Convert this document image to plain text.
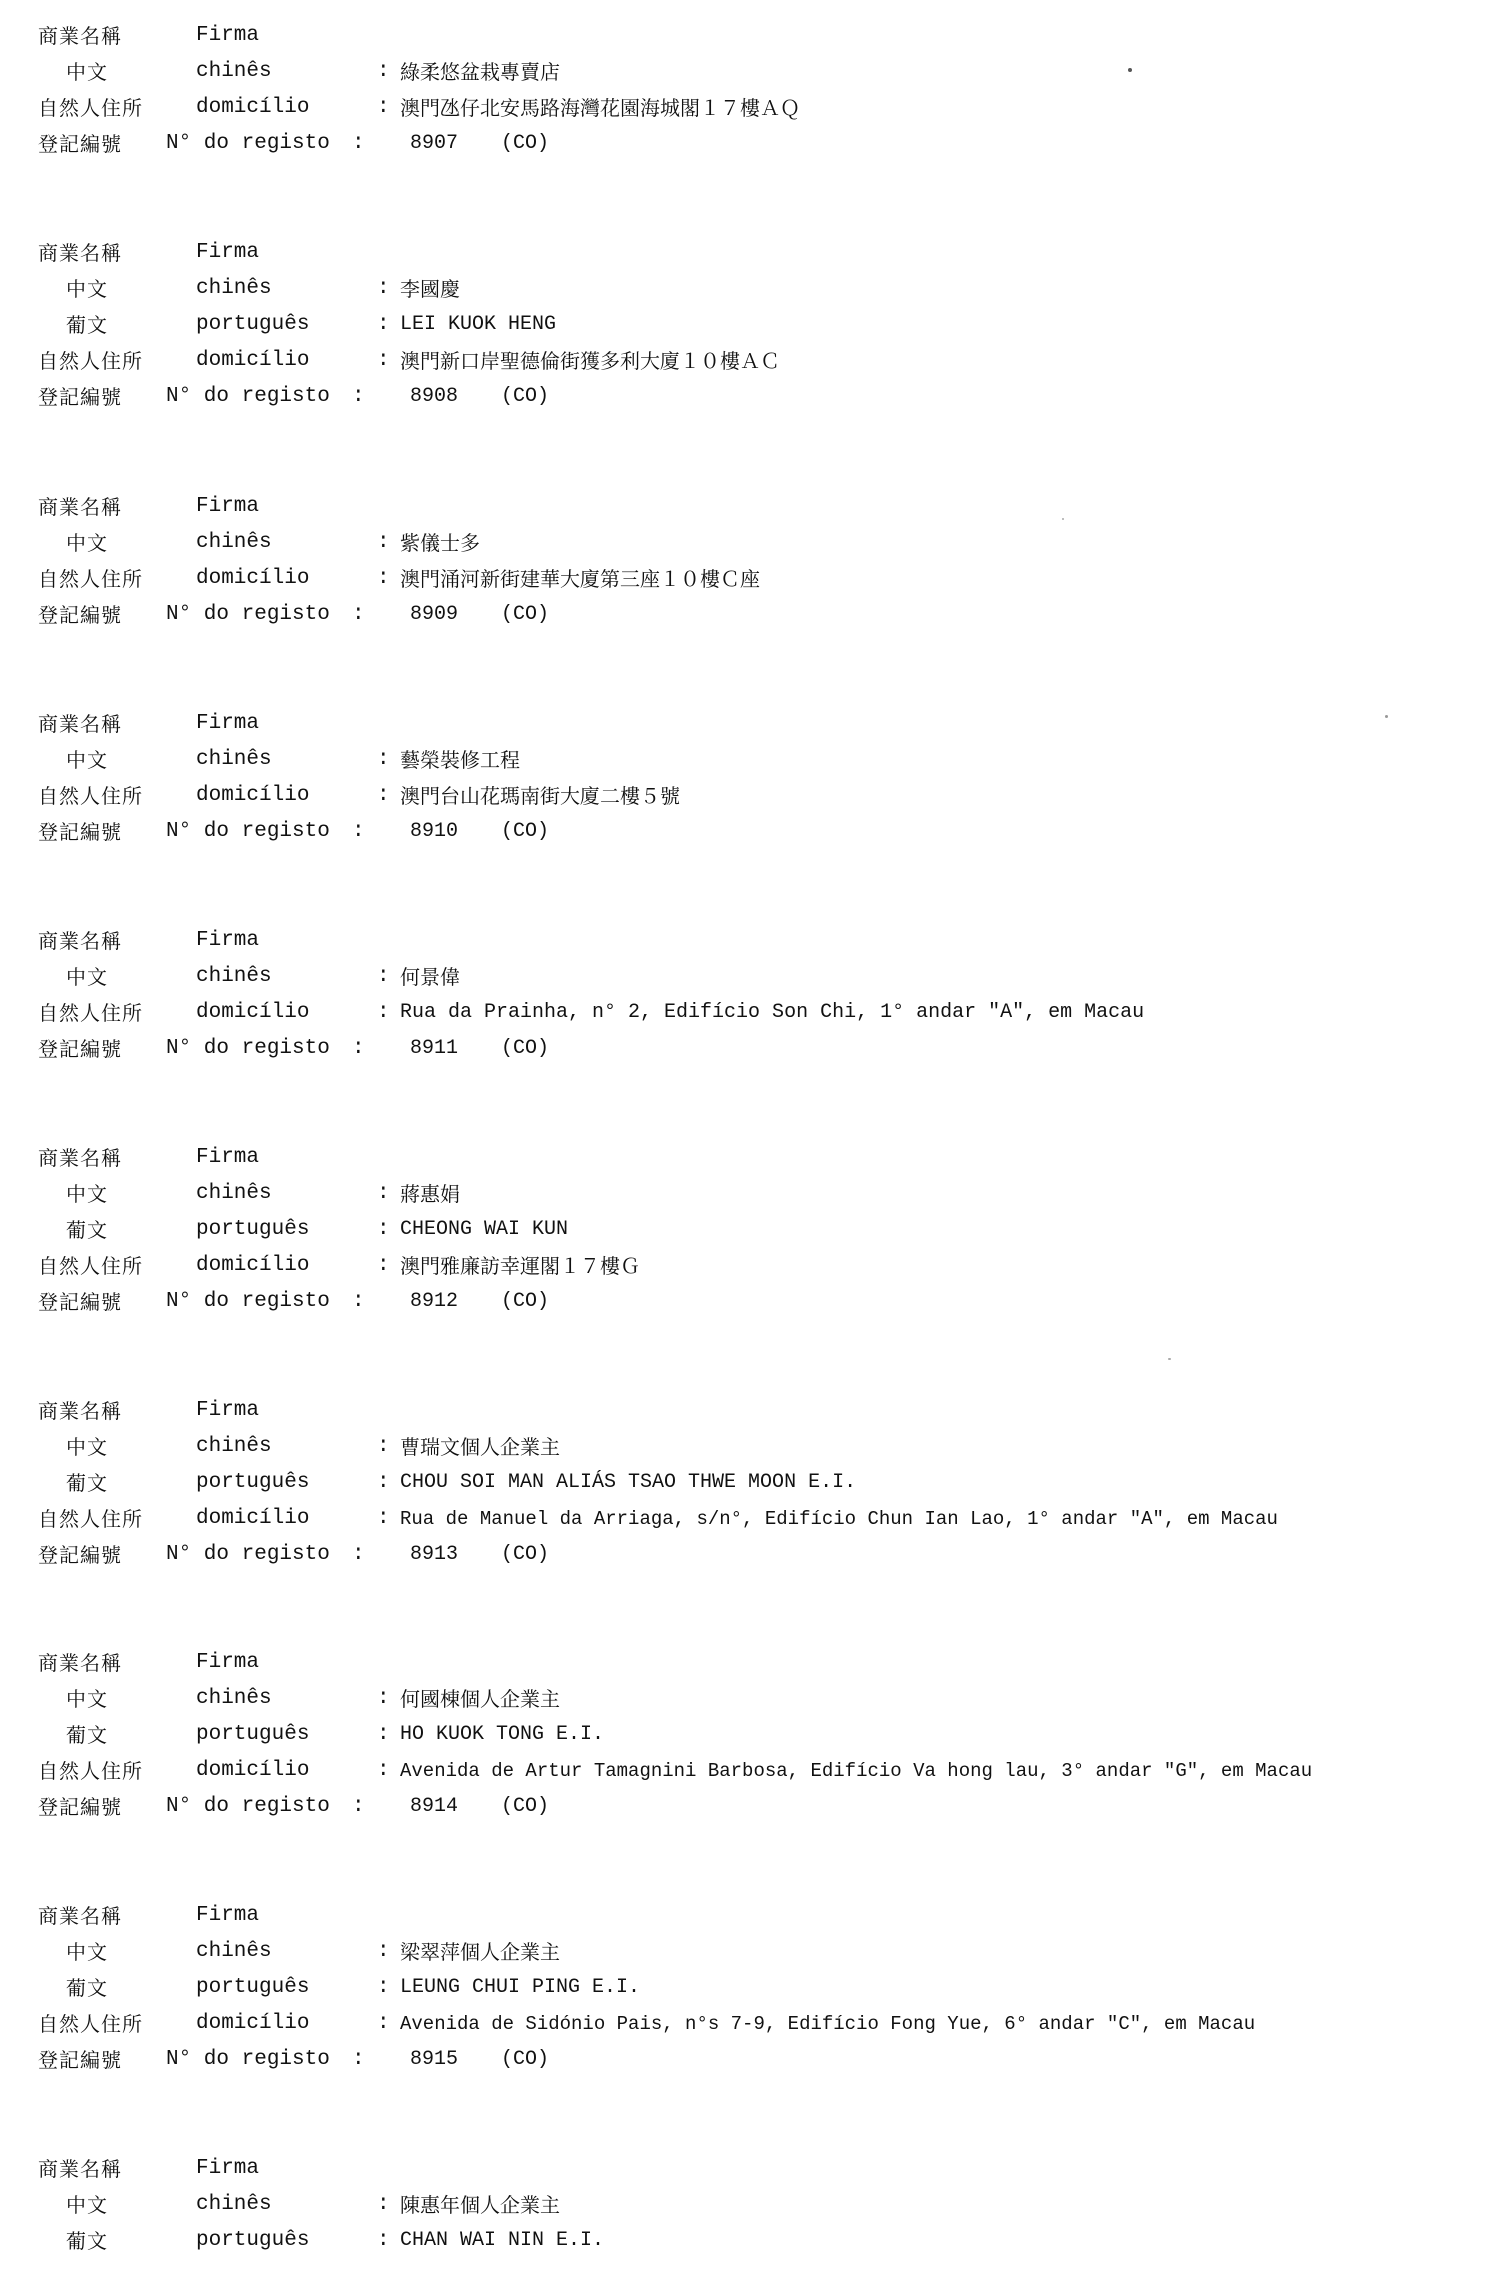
商業名稱	Firma
中文	chinês	: 綠柔悠盆栽專賣店
自然人住所	domicílio	: 澳門氹仔北安馬路海灣花園海城閣１７樓ＡＱ
登記編號 N° do registo : 8907 (CO)
商業名稱	Firma
中文	chinês	: 李國慶
葡文	português	: LEI KUOK HENG
自然人住所	domicílio	: 澳門新口岸聖德倫街獲多利大廈１０樓ＡＣ
登記編號 N° do registo : 8908 (CO)
商業名稱	Firma
中文	chinês	: 紫儀士多
自然人住所	domicílio	: 澳門涌河新街建華大廈第三座１０樓Ｃ座
登記編號 N° do registo : 8909 (CO)
商業名稱	Firma
中文	chinês	: 藝榮裝修工程
自然人住所	domicílio	: 澳門台山花瑪南街大廈二樓５號
登記編號 N° do registo : 8910 (CO)
商業名稱	Firma
中文	chinês	: 何景偉
自然人住所	domicílio	: Rua da Prainha, n° 2, Edifício Son Chi, 1° andar "A", em Macau
登記編號 N° do registo : 8911 (CO)
商業名稱	Firma
中文	chinês	: 蔣惠娟
葡文	português	: CHEONG WAI KUN
自然人住所	domicílio	: 澳門雅廉訪幸運閣１７樓Ｇ
登記編號 N° do registo : 8912 (CO)
商業名稱	Firma
中文	chinês	: 曹瑞文個人企業主
葡文	português	: CHOU SOI MAN ALIÁS TSAO THWE MOON E.I.
自然人住所	domicílio	: Rua de Manuel da Arriaga, s/n°, Edifício Chun Ian Lao, 1° andar "A", em Macau
登記編號 N° do registo : 8913 (CO)
商業名稱	Firma
中文	chinês	: 何國棟個人企業主
葡文	português	: HO KUOK TONG E.I.
自然人住所	domicílio	: Avenida de Artur Tamagnini Barbosa, Edifício Va hong lau, 3° andar "G", em Macau
登記編號 N° do registo : 8914 (CO)
商業名稱	Firma
中文	chinês	: 梁翠萍個人企業主
葡文	português	: LEUNG CHUI PING E.I.
自然人住所	domicílio	: Avenida de Sidónio Pais, n°s 7-9, Edifício Fong Yue, 6° andar "C", em Macau
登記編號 N° do registo : 8915 (CO)
商業名稱	Firma
中文	chinês	: 陳惠年個人企業主
葡文	português	: CHAN WAI NIN E.I.
